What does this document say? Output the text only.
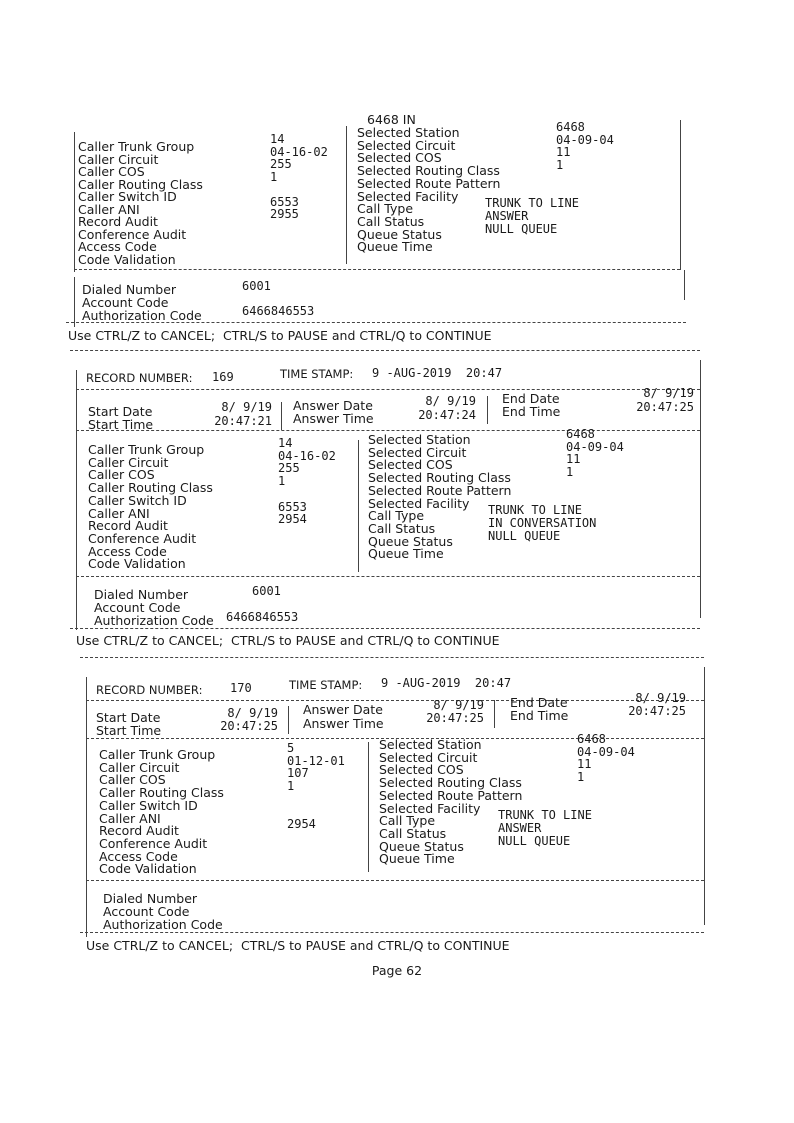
6468 IN
Caller Trunk Group	14
Caller Circuit	04-16-02
Caller COS	255
Caller Routing Class	1
Caller Switch ID
Caller ANI	6553
Record Audit	2955
Conference Audit
Access Code
Code Validation
Selected Station	6468
Selected Circuit	04-09-04
Selected COS	11
Selected Routing Class	1
Selected Route Pattern
Selected Facility
Call Type	TRUNK TO LINE
Call Status	ANSWER
Queue Status	NULL QUEUE
Queue Time
Dialed Number	6001
Account Code
Authorization Code	6466846553
Use CTRL/Z to CANCEL;  CTRL/S to PAUSE and CTRL/Q to CONTINUE
RECORD NUMBER: 169	TIME STAMP: 9 -AUG-2019  20:47
Start Date	8/ 9/19
Start Time	20:47:21
Answer Date	8/ 9/19
Answer Time	20:47:24
End Date	8/ 9/19
End Time	20:47:25
Caller Trunk Group	14
Caller Circuit	04-16-02
Caller COS	255
Caller Routing Class	1
Caller Switch ID
Caller ANI	6553
Record Audit	2954
Conference Audit
Access Code
Code Validation
Selected Station	6468
Selected Circuit	04-09-04
Selected COS	11
Selected Routing Class	1
Selected Route Pattern
Selected Facility
Call Type	TRUNK TO LINE
Call Status	IN CONVERSATION
Queue Status	NULL QUEUE
Queue Time
Dialed Number	6001
Account Code
Authorization Code 6466846553
Use CTRL/Z to CANCEL;  CTRL/S to PAUSE and CTRL/Q to CONTINUE
RECORD NUMBER: 170	TIME STAMP: 9 -AUG-2019  20:47
Start Date	8/ 9/19
Start Time	20:47:25
Answer Date	8/ 9/19
Answer Time	20:47:25
End Date	8/ 9/19
End Time	20:47:25
Caller Trunk Group	5
Caller Circuit	01-12-01
Caller COS	107
Caller Routing Class	1
Caller Switch ID
Caller ANI
Record Audit	2954
Conference Audit
Access Code
Code Validation
Selected Station	6468
Selected Circuit	04-09-04
Selected COS	11
Selected Routing Class	1
Selected Route Pattern
Selected Facility
Call Type	TRUNK TO LINE
Call Status	ANSWER
Queue Status	NULL QUEUE
Queue Time
Dialed Number
Account Code
Authorization Code
Use CTRL/Z to CANCEL;  CTRL/S to PAUSE and CTRL/Q to CONTINUE
Page 62
